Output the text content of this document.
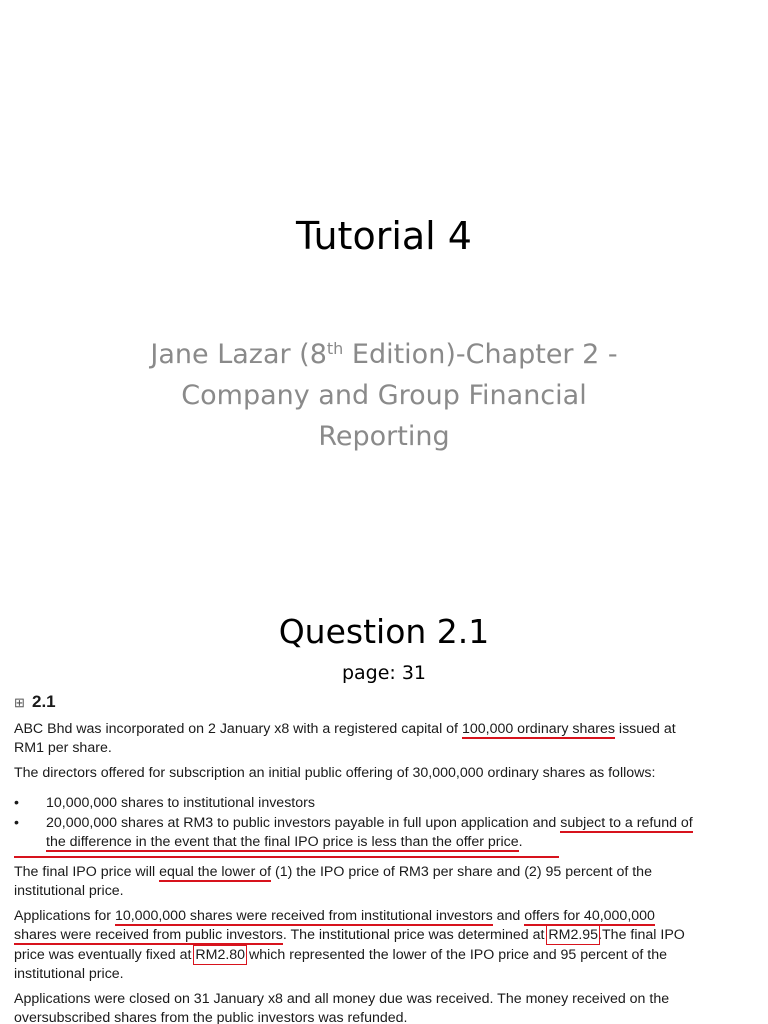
Tutorial 4
Jane Lazar (8th Edition)-Chapter 2 -
Company and Group Financial
Reporting
Question 2.1
page: 31
⊞ 2.1
ABC Bhd was incorporated on 2 January x8 with a registered capital of 100,000 ordinary shares issued at
RM1 per share.
The directors offered for subscription an initial public offering of 30,000,000 ordinary shares as follows:
• 10,000,000 shares to institutional investors
• 20,000,000 shares at RM3 to public investors payable in full upon application and subject to a refund of
the difference in the event that the final IPO price is less than the offer price.
The final IPO price will equal the lower of (1) the IPO price of RM3 per share and (2) 95 percent of the
institutional price.
Applications for 10,000,000 shares were received from institutional investors and offers for 40,000,000
shares were received from public investors. The institutional price was determined at RM2.95.The final IPO
price was eventually fixed at RM2.80 which represented the lower of the IPO price and 95 percent of the
institutional price.
Applications were closed on 31 January x8 and all money due was received. The money received on the
oversubscribed shares from the public investors was refunded.
